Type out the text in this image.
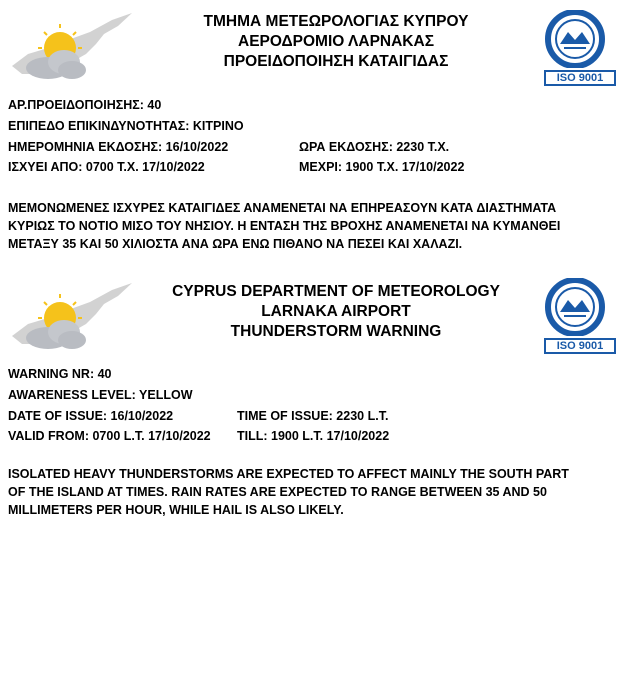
ΤΜΗΜΑ ΜΕΤΕΩΡΟΛΟΓΙΑΣ ΚΥΠΡΟΥ
ΑΕΡΟΔΡΟΜΙΟ ΛΑΡΝΑΚΑΣ
ΠΡΟΕΙΔΟΠΟΙΗΣΗ ΚΑΤΑΙΓΙΔΑΣ
ISO 9001
ΑΡ.ΠΡΟΕΙΔΟΠΟΙΗΣΗΣ: 40
ΕΠΙΠΕΔΟ ΕΠΙΚΙΝΔΥΝΟΤΗΤΑΣ: ΚΙΤΡΙΝΟ
ΗΜΕΡΟΜΗΝΙΑ ΕΚΔΟΣΗΣ: 16/10/2022	ΩΡΑ ΕΚΔΟΣΗΣ: 2230 Τ.Χ.
ΙΣΧΥΕΙ ΑΠΟ: 0700 Τ.Χ. 17/10/2022	ΜΕΧΡΙ: 1900 Τ.Χ. 17/10/2022
ΜΕΜΟΝΩΜΕΝΕΣ ΙΣΧΥΡΕΣ ΚΑΤΑΙΓΙΔΕΣ ΑΝΑΜΕΝΕΤΑΙ ΝΑ ΕΠΗΡΕΑΣΟΥΝ ΚΑΤΑ ΔΙΑΣΤΗΜΑΤΑ
ΚΥΡΙΩΣ ΤΟ ΝΟΤΙΟ ΜΙΣΟ ΤΟΥ ΝΗΣΙΟΥ. Η ΕΝΤΑΣΗ ΤΗΣ ΒΡΟΧΗΣ ΑΝΑΜΕΝΕΤΑΙ ΝΑ ΚΥΜΑΝΘΕΙ
ΜΕΤΑΞΥ 35 ΚΑΙ 50 ΧΙΛΙΟΣΤΑ ΑΝΑ ΩΡΑ ΕΝΩ ΠΙΘΑΝΟ ΝΑ ΠΕΣΕΙ ΚΑΙ ΧΑΛΑΖΙ.
CYPRUS DEPARTMENT OF METEOROLOGY
LARNAKA AIRPORT
THUNDERSTORM WARNING
ISO 9001
WARNING NR: 40
AWARENESS LEVEL: YELLOW
DATE OF ISSUE: 16/10/2022	TIME OF ISSUE: 2230 L.T.
VALID FROM: 0700 L.T. 17/10/2022 TILL: 1900 L.T. 17/10/2022
ISOLATED HEAVY THUNDERSTORMS ARE EXPECTED TO AFFECT MAINLY THE SOUTH PART
OF THE ISLAND AT TIMES. RAIN RATES ARE EXPECTED TO RANGE BETWEEN 35 AND 50
MILLIMETERS PER HOUR, WHILE HAIL IS ALSO LIKELY.
